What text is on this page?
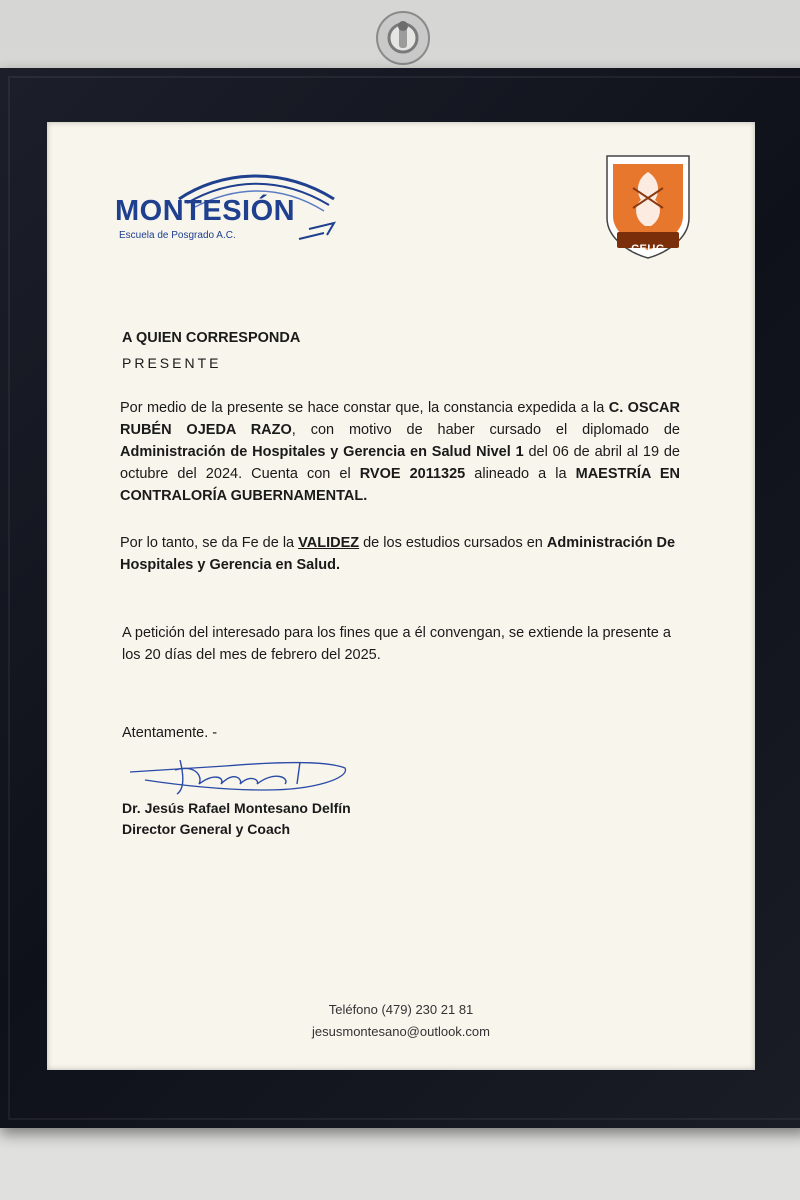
MONTESIÓN
Escuela de Posgrado A.C.
CEUG
A QUIEN CORRESPONDA
PRESENTE
Por medio de la presente se hace constar que, la constancia expedida a la C. OSCAR RUBÉN OJEDA RAZO, con motivo de haber cursado el diplomado de Administración de Hospitales y Gerencia en Salud Nivel 1 del 06 de abril al 19 de octubre del 2024. Cuenta con el RVOE 2011325 alineado a la MAESTRÍA EN CONTRALORÍA GUBERNAMENTAL.
Por lo tanto, se da Fe de la VALIDEZ de los estudios cursados en Administración De Hospitales y Gerencia en Salud.
A petición del interesado para los fines que a él convengan, se extiende la presente a los 20 días del mes de febrero del 2025.
Atentamente. -
Dr. Jesús Rafael Montesano Delfín
Director General y Coach
Teléfono (479) 230 21 81
jesusmontesano@outlook.com
